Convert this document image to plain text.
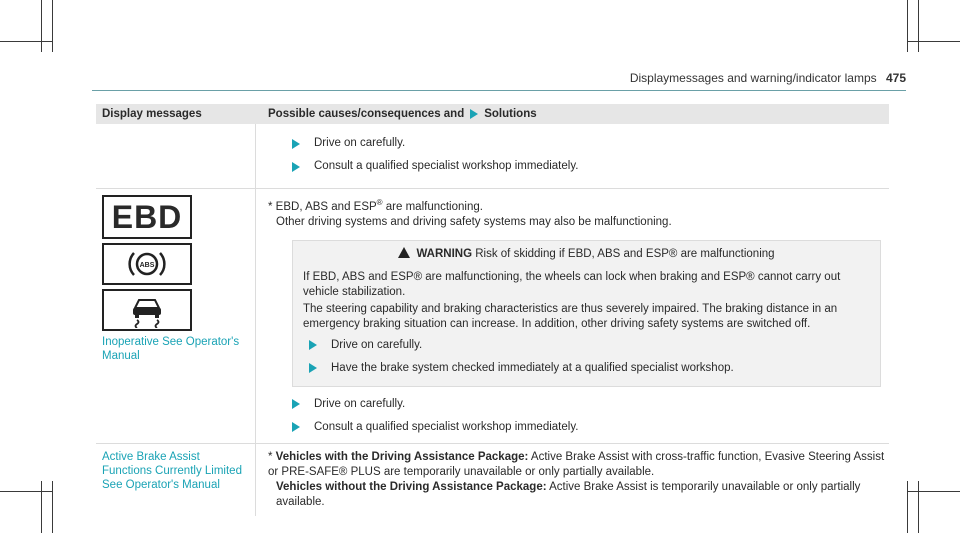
Displaymessages and warning/indicator lamps 475
Display messages	Possible causes/consequences and Solutions
Drive on carefully.
Consult a qualified specialist workshop immediately.
EBD
ABS
Inoperative See Operator's Manual
* EBD, ABS and ESP® are malfunctioning.
Other driving systems and driving safety systems may also be malfunctioning.
WARNING Risk of skidding if EBD, ABS and ESP® are malfunctioning
If EBD, ABS and ESP® are malfunctioning, the wheels can lock when braking and ESP® cannot carry out vehicle stabilization.
The steering capability and braking characteristics are thus severely impaired. The braking distance in an emergency braking situation can increase. In addition, other driving safety systems are switched off.
Drive on carefully.
Have the brake system checked immediately at a qualified specialist workshop.
Drive on carefully.
Consult a qualified specialist workshop immediately.
Active Brake Assist Functions Currently Limited See Operator's Manual
* Vehicles with the Driving Assistance Package: Active Brake Assist with cross-traffic function, Evasive Steering Assist or PRE-SAFE® PLUS are temporarily unavailable or only partially available.
Vehicles without the Driving Assistance Package: Active Brake Assist is temporarily unavailable or only partially available.
